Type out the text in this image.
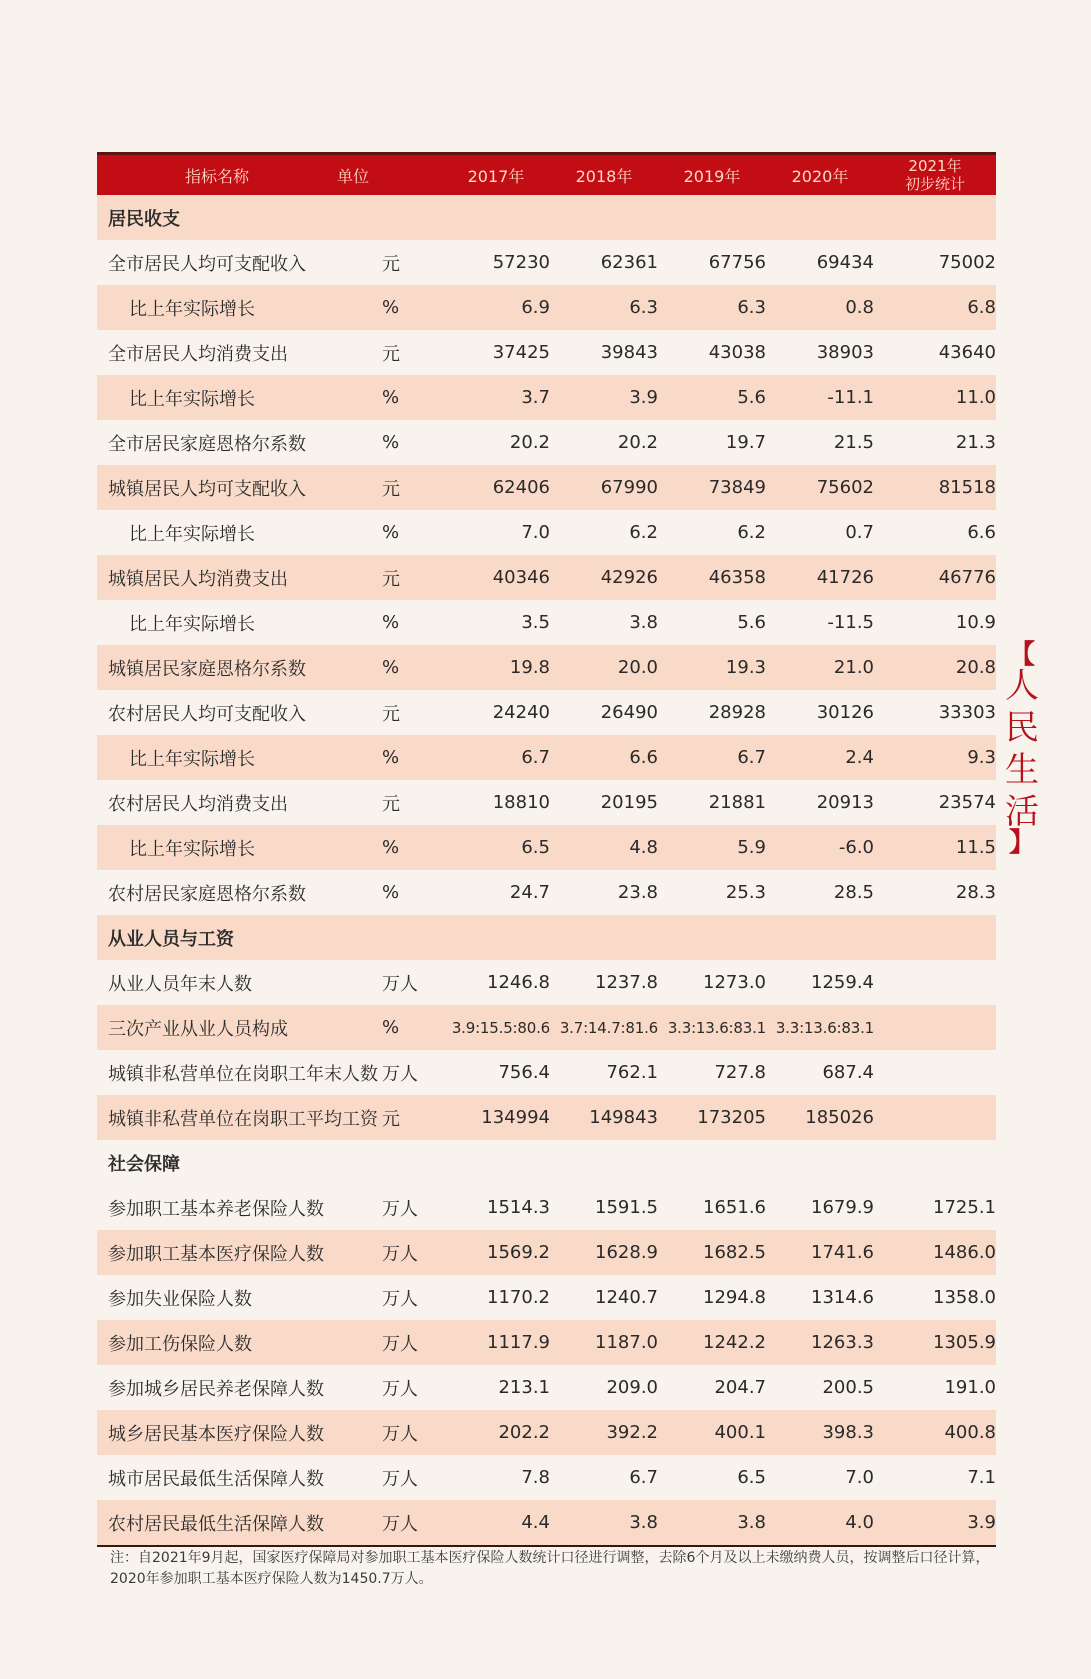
指标名称	单位	2017年	2018年	2019年	2020年
2021年
初步统计
居民收支
全市居民人均可支配收入	元	57230	62361	67756	69434	75002
比上年实际增长	%	6.9	6.3	6.3	0.8	6.8
全市居民人均消费支出	元	37425	39843	43038	38903	43640
比上年实际增长	%	3.7	3.9	5.6	-11.1	11.0
全市居民家庭恩格尔系数	%	20.2	20.2	19.7	21.5	21.3
城镇居民人均可支配收入	元	62406	67990	73849	75602	81518
比上年实际增长	%	7.0	6.2	6.2	0.7	6.6
城镇居民人均消费支出	元	40346	42926	46358	41726	46776
比上年实际增长	%	3.5	3.8	5.6	-11.5	10.9
城镇居民家庭恩格尔系数	%	19.8	20.0	19.3	21.0	20.8
农村居民人均可支配收入	元	24240	26490	28928	30126	33303
比上年实际增长	%	6.7	6.6	6.7	2.4	9.3
农村居民人均消费支出	元	18810	20195	21881	20913	23574
比上年实际增长	%	6.5	4.8	5.9	-6.0	11.5
农村居民家庭恩格尔系数	%	24.7	23.8	25.3	28.5	28.3
从业人员与工资
从业人员年末人数	万人	1246.8	1237.8	1273.0	1259.4
三次产业从业人员构成	%	3.9:15.5:80.6 3.7:14.7:81.6 3.3:13.6:83.1 3.3:13.6:83.1
城镇非私营单位在岗职工年末人数 万人	756.4	762.1	727.8	687.4
城镇非私营单位在岗职工平均工资 元	134994	149843	173205	185026
社会保障
参加职工基本养老保险人数	万人	1514.3	1591.5	1651.6	1679.9	1725.1
参加职工基本医疗保险人数	万人	1569.2	1628.9	1682.5	1741.6	1486.0
参加失业保险人数	万人	1170.2	1240.7	1294.8	1314.6	1358.0
参加工伤保险人数	万人	1117.9	1187.0	1242.2	1263.3	1305.9
参加城乡居民养老保障人数	万人	213.1	209.0	204.7	200.5	191.0
城乡居民基本医疗保险人数	万人	202.2	392.2	400.1	398.3	400.8
城市居民最低生活保障人数	万人	7.8	6.7	6.5	7.0	7.1
农村居民最低生活保障人数	万人	4.4	3.8	3.8	4.0	3.9
注：自2021年9月起，国家医疗保障局对参加职工基本医疗保险人数统计口径进行调整，去除6个月及以上未缴纳费人员，按调整后口径计算，2020年参加职工基本医疗保险人数为1450.7万人。
【
人
民
生
活
】
